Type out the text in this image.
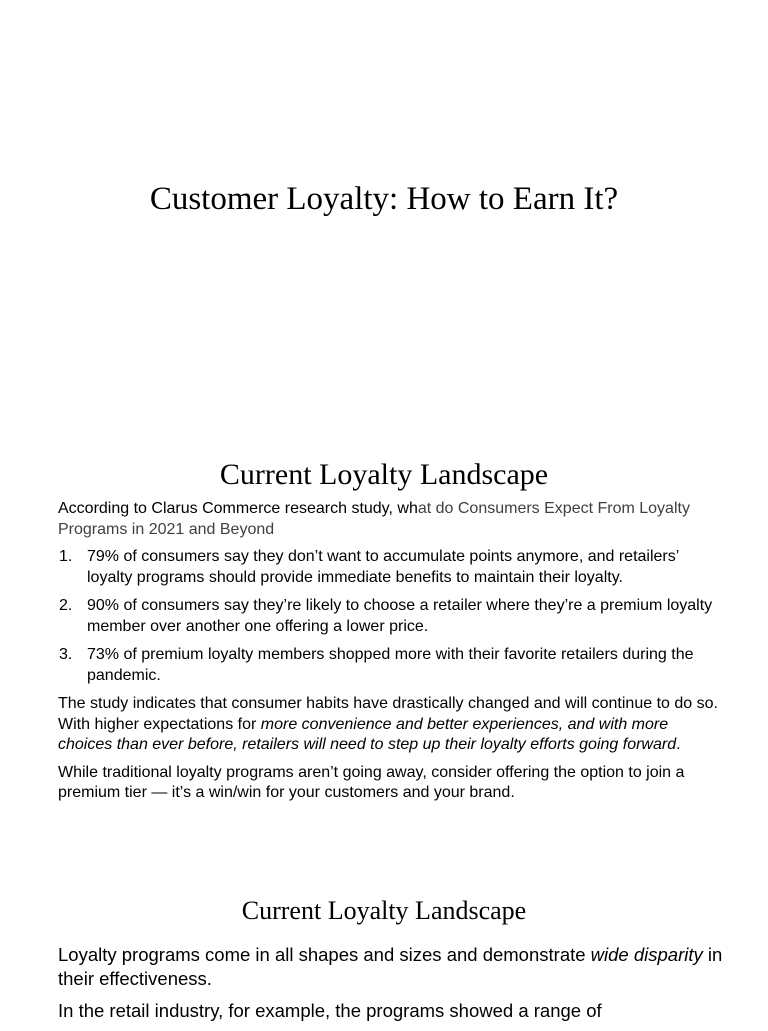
Customer Loyalty: How to Earn It?
Current Loyalty Landscape

According to Clarus Commerce research study, what do Consumers Expect From Loyalty Programs in 2021 and Beyond

1. 79% of consumers say they don’t want to accumulate points anymore, and retailers’ loyalty programs should provide immediate benefits to maintain their loyalty.
2. 90% of consumers say they’re likely to choose a retailer where they’re a premium loyalty member over another one offering a lower price.
3. 73% of premium loyalty members shopped more with their favorite retailers during the pandemic.

The study indicates that consumer habits have drastically changed and will continue to do so. With higher expectations for more convenience and better experiences, and with more choices than ever before, retailers will need to step up their loyalty efforts going forward.

While traditional loyalty programs aren’t going away, consider offering the option to join a premium tier — it’s a win/win for your customers and your brand.

Current Loyalty Landscape

Loyalty programs come in all shapes and sizes and demonstrate wide disparity in their effectiveness.

In the retail industry, for example, the programs showed a range of
